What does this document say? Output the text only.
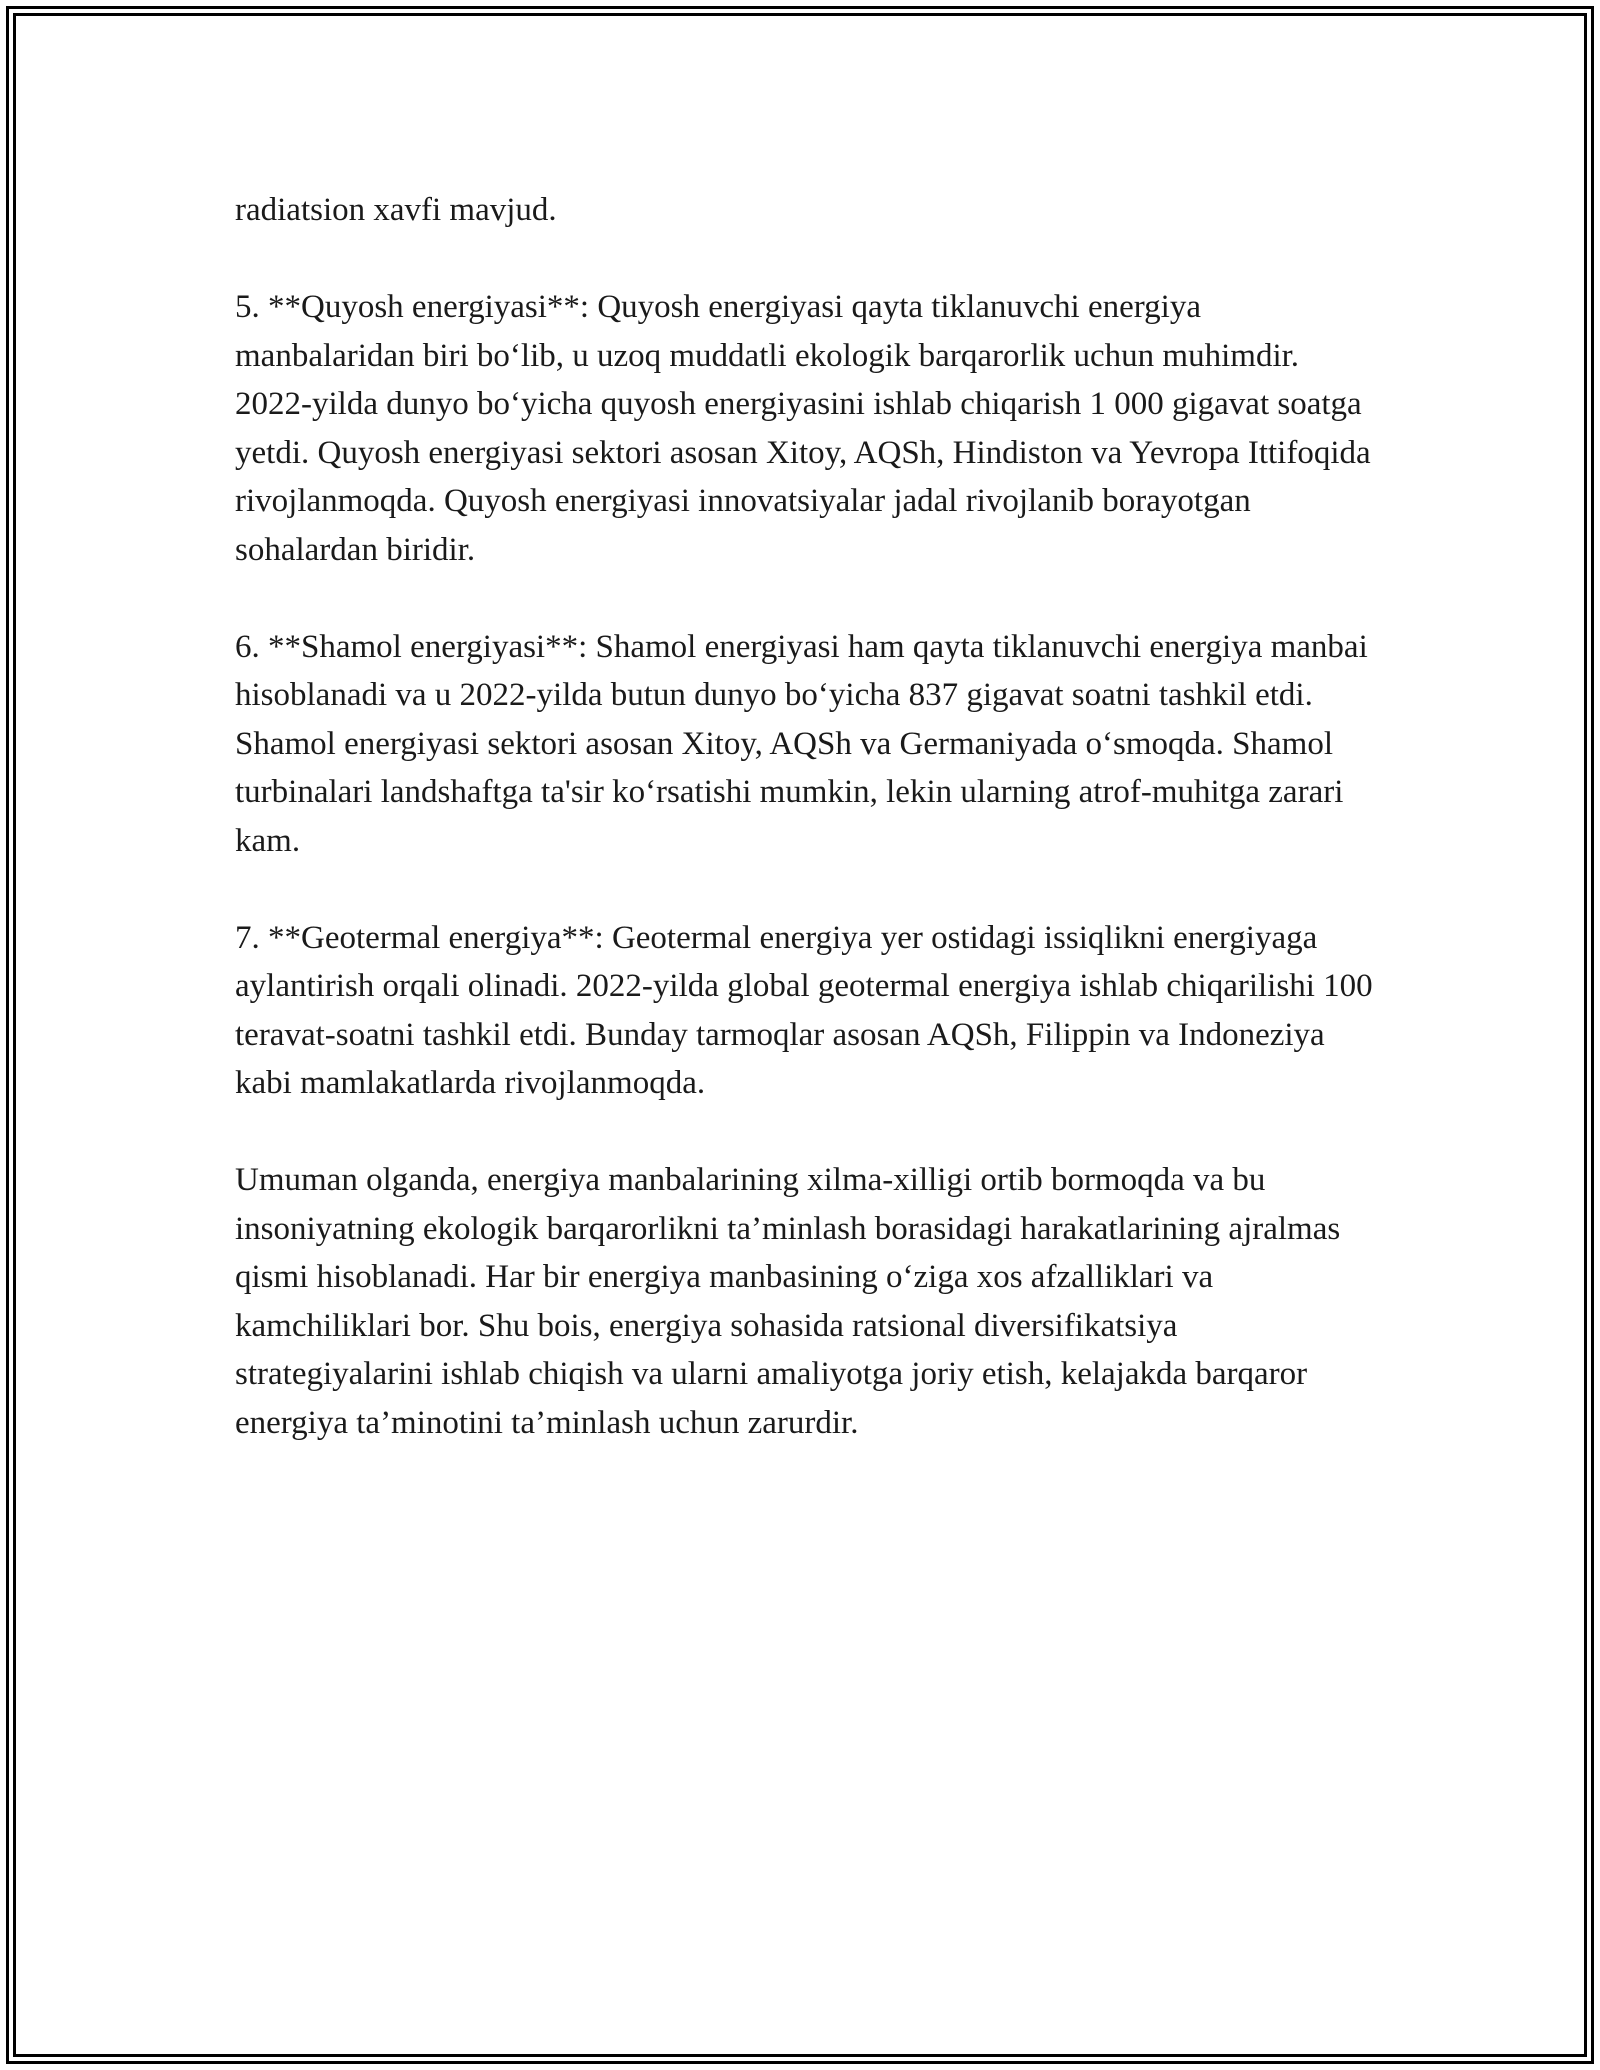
radiatsion xavfi mavjud.

5. **Quyosh energiyasi**: Quyosh energiyasi qayta tiklanuvchi energiya manbalaridan biri bo‘lib, u uzoq muddatli ekologik barqarorlik uchun muhimdir. 2022-yilda dunyo bo‘yicha quyosh energiyasini ishlab chiqarish 1 000 gigavat soatga yetdi. Quyosh energiyasi sektori asosan Xitoy, AQSh, Hindiston va Yevropa Ittifoqida rivojlanmoqda. Quyosh energiyasi innovatsiyalar jadal rivojlanib borayotgan sohalardan biridir.

6. **Shamol energiyasi**: Shamol energiyasi ham qayta tiklanuvchi energiya manbai hisoblanadi va u 2022-yilda butun dunyo bo‘yicha 837 gigavat soatni tashkil etdi. Shamol energiyasi sektori asosan Xitoy, AQSh va Germaniyada o‘smoqda. Shamol turbinalari landshaftga ta'sir ko‘rsatishi mumkin, lekin ularning atrof-muhitga zarari kam.

7. **Geotermal energiya**: Geotermal energiya yer ostidagi issiqlikni energiyaga aylantirish orqali olinadi. 2022-yilda global geotermal energiya ishlab chiqarilishi 100 teravat-soatni tashkil etdi. Bunday tarmoqlar asosan AQSh, Filippin va Indoneziya kabi mamlakatlarda rivojlanmoqda.

Umuman olganda, energiya manbalarining xilma-xilligi ortib bormoqda va bu insoniyatning ekologik barqarorlikni ta’minlash borasidagi harakatlarining ajralmas qismi hisoblanadi. Har bir energiya manbasining o‘ziga xos afzalliklari va kamchiliklari bor. Shu bois, energiya sohasida ratsional diversifikatsiya strategiyalarini ishlab chiqish va ularni amaliyotga joriy etish, kelajakda barqaror energiya ta’minotini ta’minlash uchun zarurdir.
